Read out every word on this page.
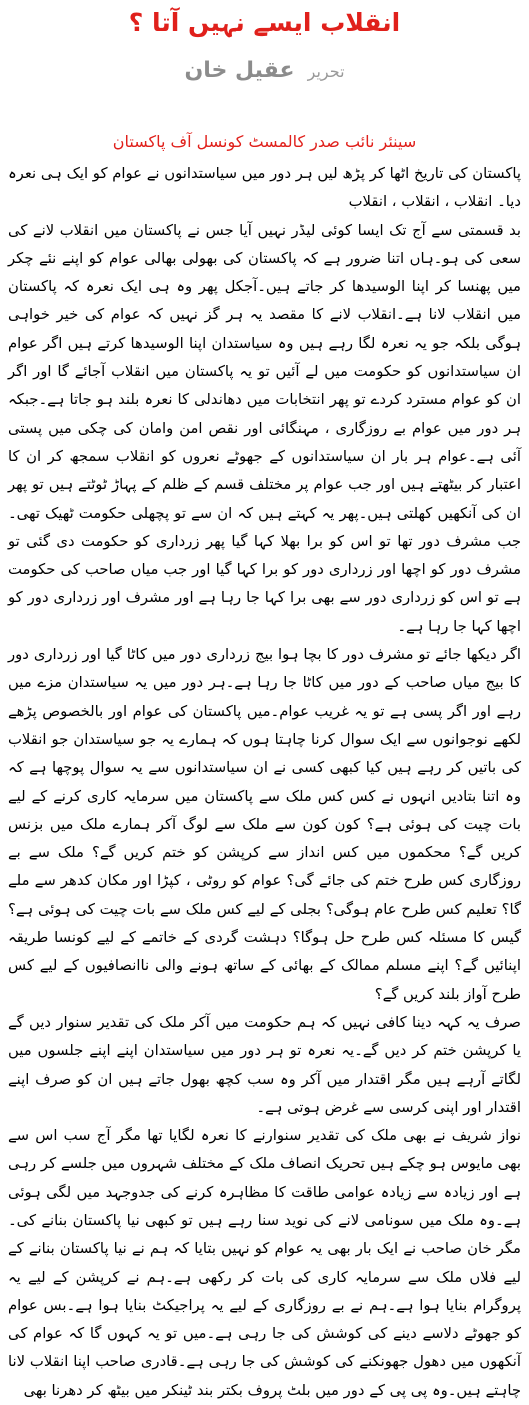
انقلاب ایسے نہیں آتا ؟
تحریر عقیل خان
سینئر نائب صدر کالمسٹ کونسل آف پاکستان

پاکستان کی تاریخ اٹھا کر پڑھ لیں ہر دور میں سیاستدانوں نے عوام کو ایک ہی نعرہ دیا۔ انقلاب ، انقلاب ، انقلاب

بد قسمتی سے آج تک ایسا کوئی لیڈر نہیں آیا جس نے پاکستان میں انقلاب لانے کی سعی کی ہو۔ہاں اتنا ضرور ہے کہ پاکستان کی بھولی بھالی عوام کو اپنے نئے چکر میں پھنسا کر اپنا الوسیدھا کر جاتے ہیں۔آجکل پھر وہ ہی ایک نعرہ کہ پاکستان میں انقلاب لانا ہے۔انقلاب لانے کا مقصد یہ ہر گز نہیں کہ عوام کی خیر خواہی ہوگی بلکہ جو یہ نعرہ لگا رہے ہیں وہ سیاستدان اپنا الوسیدھا کرتے ہیں اگر عوام ان سیاستدانوں کو حکومت میں لے آئیں تو یہ پاکستان میں انقلاب آجائے گا اور اگر ان کو عوام مسترد کردے تو پھر انتخابات میں دھاندلی کا نعرہ بلند ہو جاتا ہے۔جبکہ ہر دور میں عوام بے روزگاری ، مہنگائی اور نقص امن وامان کی چکی میں پستی آئی ہے۔عوام ہر بار ان سیاستدانوں کے جھوٹے نعروں کو انقلاب سمجھ کر ان کا اعتبار کر بیٹھتے ہیں اور جب عوام پر مختلف قسم کے ظلم کے پہاڑ ٹوٹتے ہیں تو پھر ان کی آنکھیں کھلتی ہیں۔پھر یہ کہتے ہیں کہ ان سے تو پچھلی حکومت ٹھیک تھی۔جب مشرف دور تھا تو اس کو برا بھلا کہا گیا پھر زرداری کو حکومت دی گئی تو مشرف دور کو اچھا اور زرداری دور کو برا کہا گیا اور جب میاں صاحب کی حکومت ہے تو اس کو زرداری دور سے بھی برا کہا جا رہا ہے اور مشرف اور زرداری دور کو اچھا کہا جا رہا ہے۔

اگر دیکھا جائے تو مشرف دور کا بچا ہوا بیج زرداری دور میں کاٹا گیا اور زرداری دور کا بیج میاں صاحب کے دور میں کاٹا جا رہا ہے۔ہر دور میں یہ سیاستدان مزے میں رہے اور اگر پسی ہے تو یہ غریب عوام۔میں پاکستان کی عوام اور بالخصوص پڑھے لکھے نوجوانوں سے ایک سوال کرنا چاہتا ہوں کہ ہمارے یہ جو سیاستدان جو انقلاب کی باتیں کر رہے ہیں کیا کبھی کسی نے ان سیاستدانوں سے یہ سوال پوچھا ہے کہ وہ اتنا بتادیں انہوں نے کس کس ملک سے پاکستان میں سرمایہ کاری کرنے کے لیے بات چیت کی ہوئی ہے؟ کون کون سے ملک سے لوگ آکر ہمارے ملک میں بزنس کریں گے؟ محکموں میں کس انداز سے کرپشن کو ختم کریں گے؟ ملک سے بے روزگاری کس طرح ختم کی جائے گی؟ عوام کو روٹی ، کپڑا اور مکان کدھر سے ملے گا؟ تعلیم کس طرح عام ہوگی؟ بجلی کے لیے کس ملک سے بات چیت کی ہوئی ہے؟ گیس کا مسئلہ کس طرح حل ہوگا؟ دہشت گردی کے خاتمے کے لیے کونسا طریقہ اپنائیں گے؟ اپنے مسلم ممالک کے بھائی کے ساتھ ہونے والی ناانصافیوں کے لیے کس طرح آواز بلند کریں گے؟

صرف یہ کہہ دینا کافی نہیں کہ ہم حکومت میں آکر ملک کی تقدیر سنوار دیں گے یا کرپشن ختم کر دیں گے۔یہ نعرہ تو ہر دور میں سیاستدان اپنے اپنے جلسوں میں لگاتے آرہے ہیں مگر اقتدار میں آکر وہ سب کچھ بھول جاتے ہیں ان کو صرف اپنے اقتدار اور اپنی کرسی سے غرض ہوتی ہے۔

نواز شریف نے بھی ملک کی تقدیر سنوارنے کا نعرہ لگایا تھا مگر آج سب اس سے بھی مایوس ہو چکے ہیں تحریک انصاف ملک کے مختلف شہروں میں جلسے کر رہی ہے اور زیادہ سے زیادہ عوامی طاقت کا مظاہرہ کرنے کی جدوجہد میں لگی ہوئی ہے۔وہ ملک میں سونامی لانے کی نوید سنا رہے ہیں تو کبھی نیا پاکستان بنانے کی۔مگر خان صاحب نے ایک بار بھی یہ عوام کو نہیں بتایا کہ ہم نے نیا پاکستان بنانے کے لیے فلاں ملک سے سرمایہ کاری کی بات کر رکھی ہے۔ہم نے کرپشن کے لیے یہ پروگرام بنایا ہوا ہے۔ہم نے بے روزگاری کے لیے یہ پراجیکٹ بنایا ہوا ہے۔بس عوام کو جھوٹے دلاسے دینے کی کوشش کی جا رہی ہے۔میں تو یہ کہوں گا کہ عوام کی آنکھوں میں دھول جھونکنے کی کوشش کی جا رہی ہے۔قادری صاحب اپنا انقلاب لانا چاہتے ہیں۔وہ پی پی کے دور میں بلٹ پروف بکتر بند ٹینکر میں بیٹھ کر دھرنا بھی
